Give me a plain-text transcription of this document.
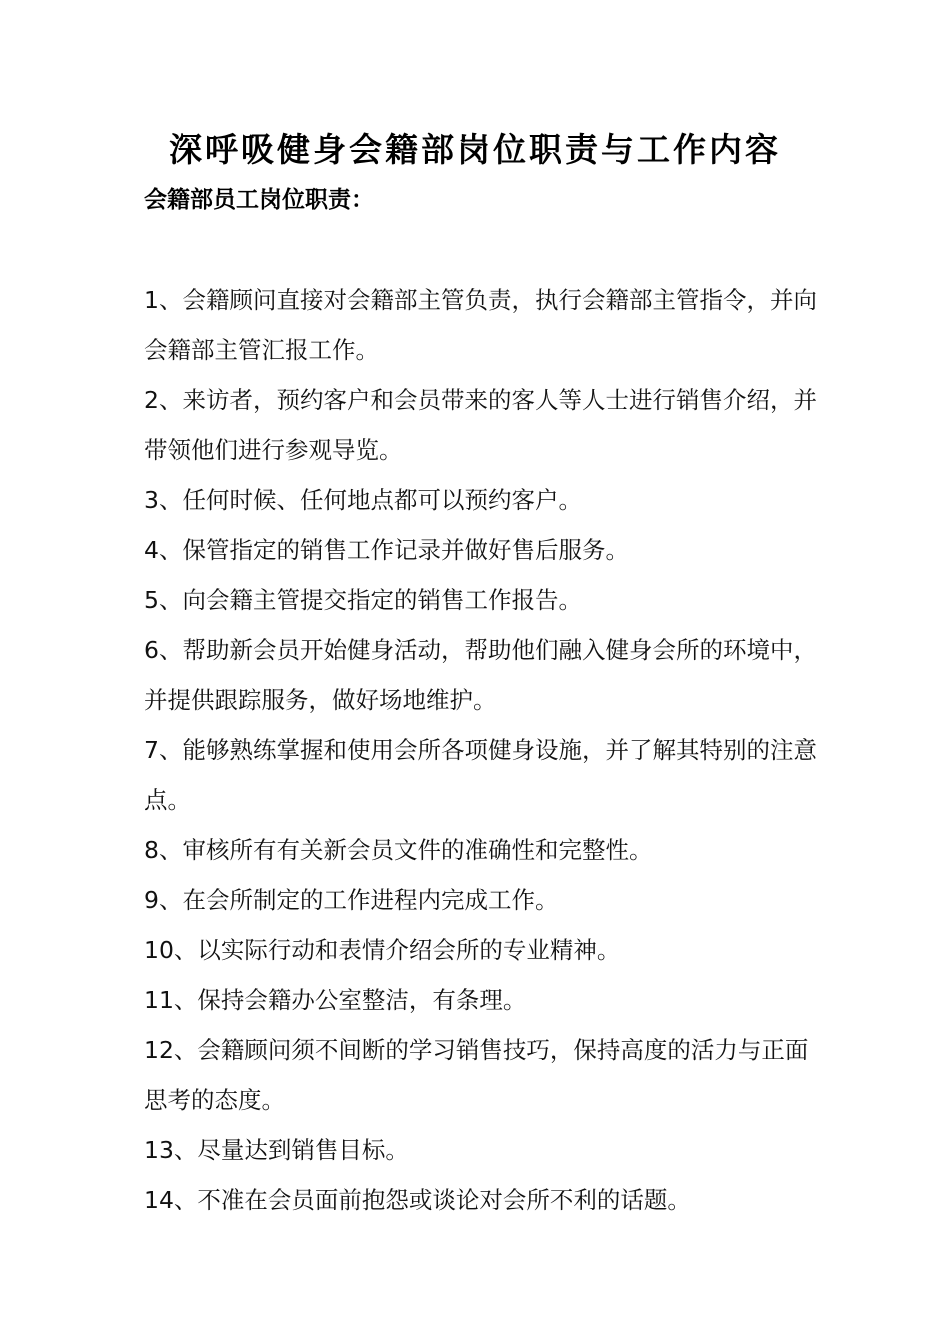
深呼吸健身会籍部岗位职责与工作内容
会籍部员工岗位职责：
1、会籍顾问直接对会籍部主管负责，执行会籍部主管指令，并向会籍部主管汇报工作。
2、来访者，预约客户和会员带来的客人等人士进行销售介绍，并带领他们进行参观导览。
3、任何时候、任何地点都可以预约客户。
4、保管指定的销售工作记录并做好售后服务。
5、向会籍主管提交指定的销售工作报告。
6、帮助新会员开始健身活动，帮助他们融入健身会所的环境中，并提供跟踪服务，做好场地维护。
7、能够熟练掌握和使用会所各项健身设施，并了解其特别的注意点。
8、审核所有有关新会员文件的准确性和完整性。
9、在会所制定的工作进程内完成工作。
10、以实际行动和表情介绍会所的专业精神。
11、保持会籍办公室整洁，有条理。
12、会籍顾问须不间断的学习销售技巧，保持高度的活力与正面思考的态度。
13、尽量达到销售目标。
14、不准在会员面前抱怨或谈论对会所不利的话题。
